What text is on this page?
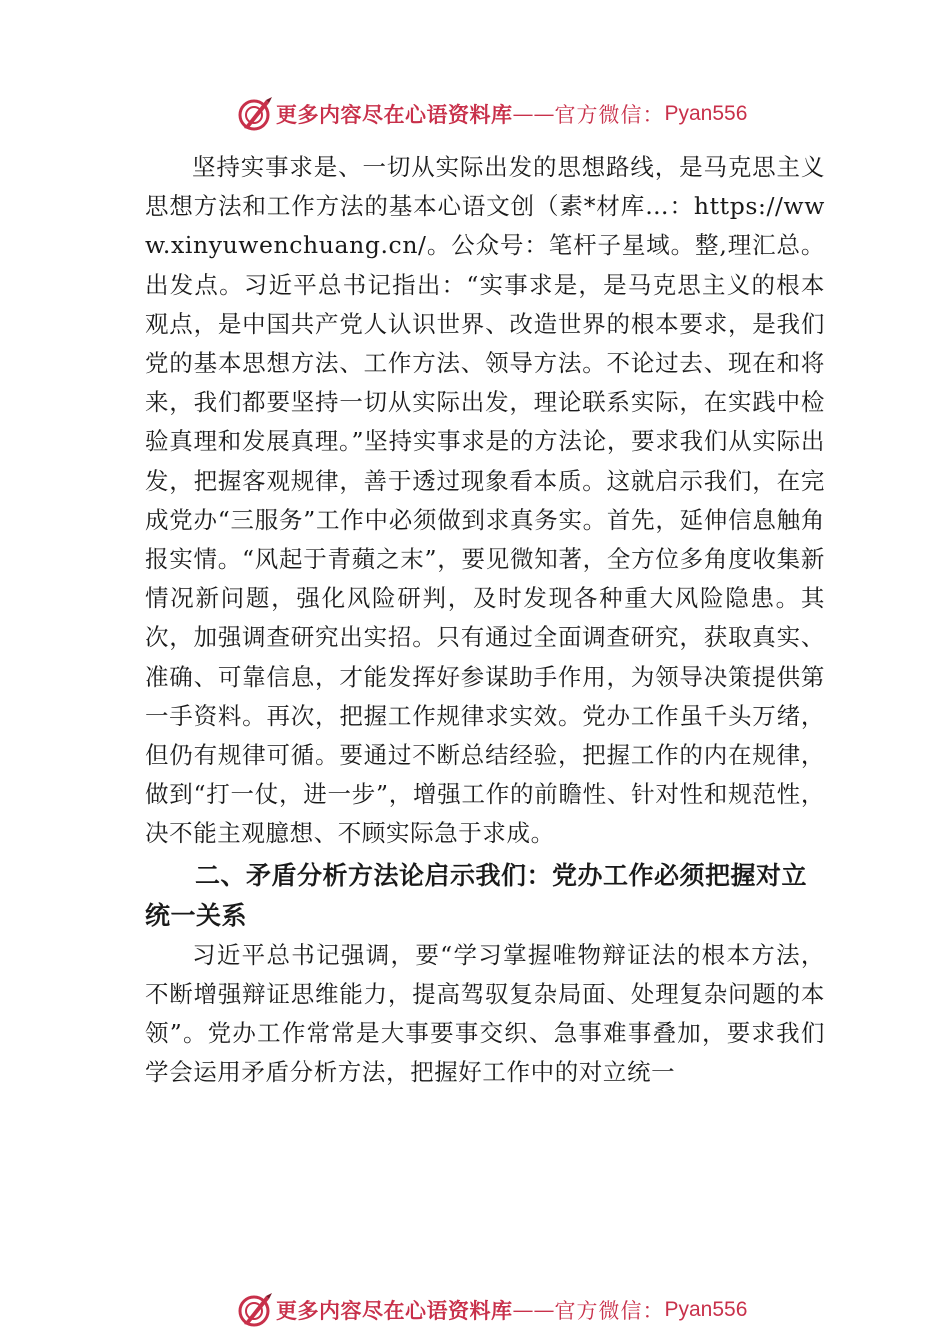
更多内容尽在心语资料库 —— 官方微信： Pyan556

坚持实事求是、一切从实际出发的思想路线，是马克思主义思想方法和工作方法的基本心语文创（素*材库…：https://www.xinyuwenchuang.cn/。公众号：笔杆子星域。整,理汇总。出发点。习近平总书记指出：“实事求是，是马克思主义的根本观点，是中国共产党人认识世界、改造世界的根本要求，是我们党的基本思想方法、工作方法、领导方法。不论过去、现在和将来，我们都要坚持一切从实际出发，理论联系实际，在实践中检验真理和发展真理。”坚持实事求是的方法论，要求我们从实际出发，把握客观规律，善于透过现象看本质。这就启示我们，在完成党办“三服务”工作中必须做到求真务实。首先，延伸信息触角报实情。“风起于青蘋之末”，要见微知著，全方位多角度收集新情况新问题，强化风险研判，及时发现各种重大风险隐患。其次，加强调查研究出实招。只有通过全面调查研究，获取真实、准确、可靠信息，才能发挥好参谋助手作用，为领导决策提供第一手资料。再次，把握工作规律求实效。党办工作虽千头万绪，但仍有规律可循。要通过不断总结经验，把握工作的内在规律，做到“打一仗，进一步”，增强工作的前瞻性、针对性和规范性，决不能主观臆想、不顾实际急于求成。

二、矛盾分析方法论启示我们：党办工作必须把握对立统一关系

习近平总书记强调，要“学习掌握唯物辩证法的根本方法，不断增强辩证思维能力，提高驾驭复杂局面、处理复杂问题的本领”。党办工作常常是大事要事交织、急事难事叠加，要求我们学会运用矛盾分析方法，把握好工作中的对立统一

更多内容尽在心语资料库 —— 官方微信： Pyan556
